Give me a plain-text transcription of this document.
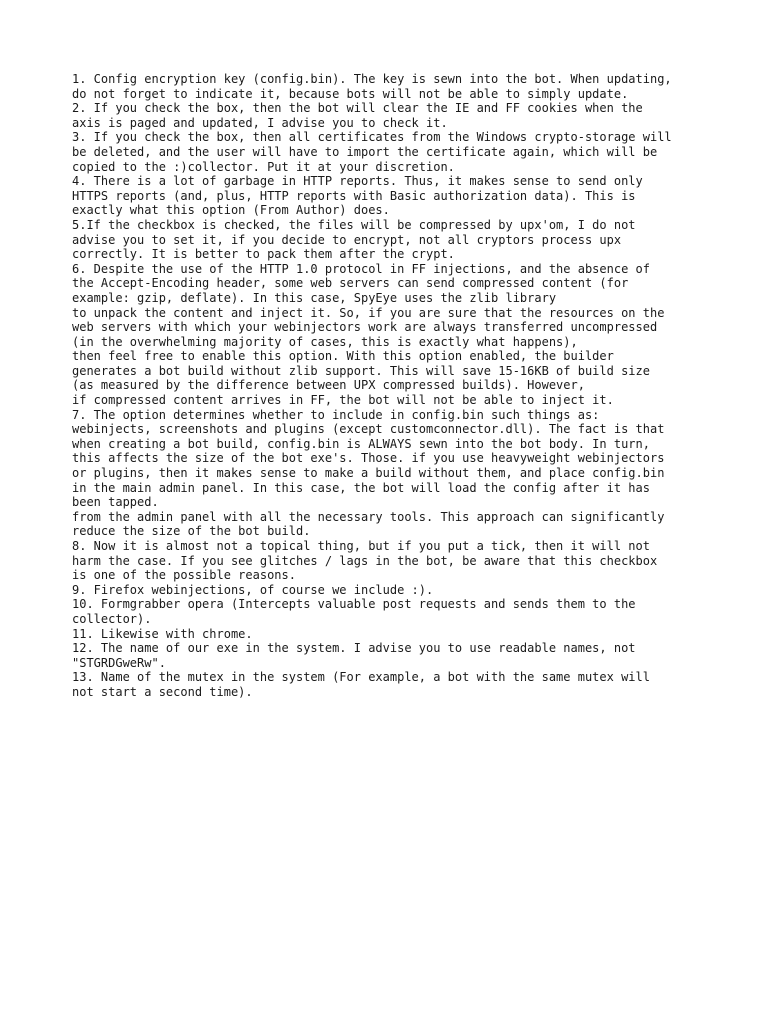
1. Config encryption key (config.bin). The key is sewn into the bot. When updating,
do not forget to indicate it, because bots will not be able to simply update.
2. If you check the box, then the bot will clear the IE and FF cookies when the
axis is paged and updated, I advise you to check it.
3. If you check the box, then all certificates from the Windows crypto-storage will
be deleted, and the user will have to import the certificate again, which will be
copied to the :)collector. Put it at your discretion.
4. There is a lot of garbage in HTTP reports. Thus, it makes sense to send only
HTTPS reports (and, plus, HTTP reports with Basic authorization data). This is
exactly what this option (From Author) does.
5.If the checkbox is checked, the files will be compressed by upx'om, I do not
advise you to set it, if you decide to encrypt, not all cryptors process upx
correctly. It is better to pack them after the crypt.
6. Despite the use of the HTTP 1.0 protocol in FF injections, and the absence of
the Accept-Encoding header, some web servers can send compressed content (for
example: gzip, deflate). In this case, SpyEye uses the zlib library
to unpack the content and inject it. So, if you are sure that the resources on the
web servers with which your webinjectors work are always transferred uncompressed
(in the overwhelming majority of cases, this is exactly what happens),
then feel free to enable this option. With this option enabled, the builder
generates a bot build without zlib support. This will save 15-16KB of build size
(as measured by the difference between UPX compressed builds). However,
if compressed content arrives in FF, the bot will not be able to inject it.
7. The option determines whether to include in config.bin such things as:
webinjects, screenshots and plugins (except customconnector.dll). The fact is that
when creating a bot build, config.bin is ALWAYS sewn into the bot body. In turn,
this affects the size of the bot exe's. Those. if you use heavyweight webinjectors
or plugins, then it makes sense to make a build without them, and place config.bin
in the main admin panel. In this case, the bot will load the config after it has
been tapped.
from the admin panel with all the necessary tools. This approach can significantly
reduce the size of the bot build.
8. Now it is almost not a topical thing, but if you put a tick, then it will not
harm the case. If you see glitches / lags in the bot, be aware that this checkbox
is one of the possible reasons.
9. Firefox webinjections, of course we include :).
10. Formgrabber opera (Intercepts valuable post requests and sends them to the
collector).
11. Likewise with chrome.
12. The name of our exe in the system. I advise you to use readable names, not
"STGRDGweRw".
13. Name of the mutex in the system (For example, a bot with the same mutex will
not start a second time).
